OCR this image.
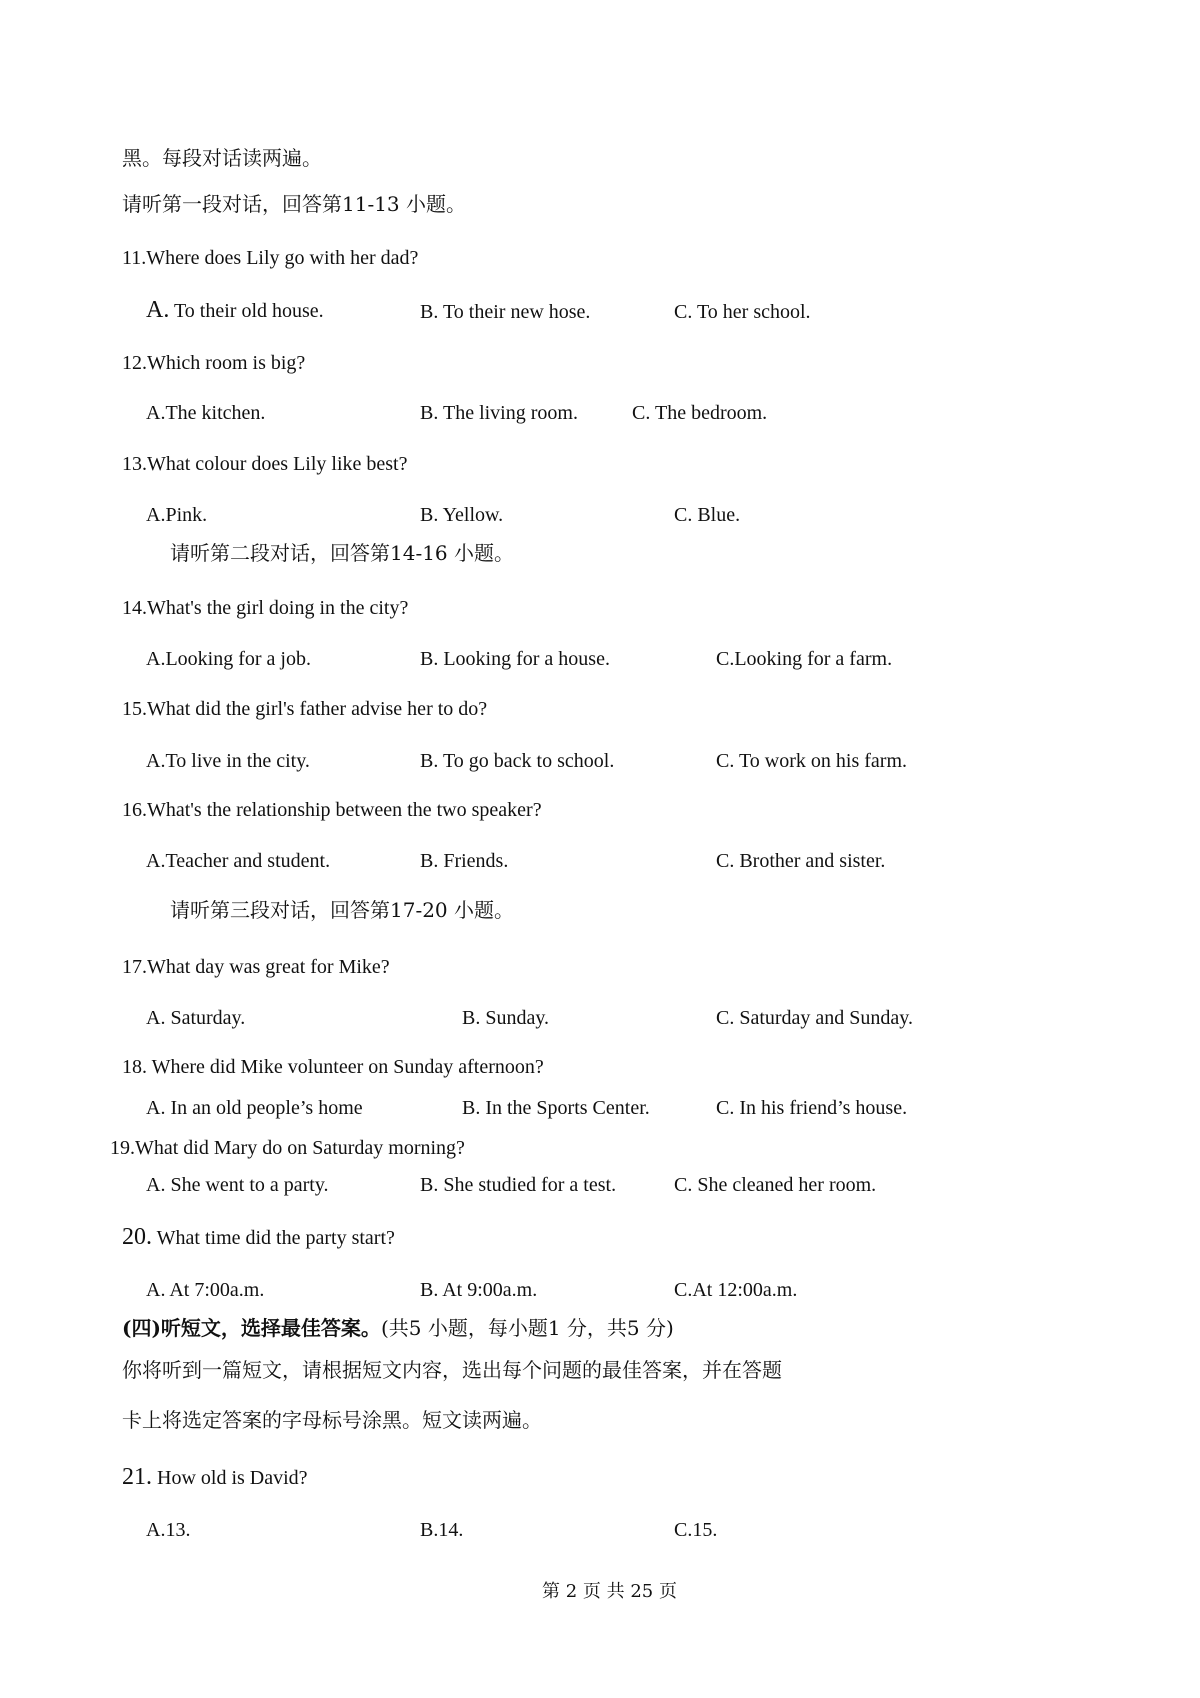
黑。每段对话读两遍。
请听第一段对话，回答第11-13 小题。
11.Where does Lily go with her dad?
A. To their old house.	B. To their new hose.	C. To her school.
12.Which room is big?
A.The kitchen.	B. The living room.	C. The bedroom.
13.What colour does Lily like best?
A.Pink.	B. Yellow.	C. Blue.
请听第二段对话，回答第14-16 小题。
14.What's the girl doing in the city?
A.Looking for a job.	B. Looking for a house.	C.Looking for a farm.
15.What did the girl's father advise her to do?
A.To live in the city.	B. To go back to school.	C. To work on his farm.
16.What's the relationship between the two speaker?
A.Teacher and student.	B. Friends.	C. Brother and sister.
请听第三段对话，回答第17-20 小题。
17.What day was great for Mike?
A. Saturday.	B. Sunday.	C. Saturday and Sunday.
18. Where did Mike volunteer on Sunday afternoon?
A. In an old people’s home	B. In the Sports Center.	C. In his friend’s house.
19.What did Mary do on Saturday morning?
A. She went to a party.	B. She studied for a test.	C. She cleaned her room.
20. What time did the party start?
A. At 7:00a.m.	B. At 9:00a.m.	C.At 12:00a.m.
(四)听短文，选择最佳答案。(共5 小题，每小题1 分，共5 分)
你将听到一篇短文，请根据短文内容，选出每个问题的最佳答案，并在答题
卡上将选定答案的字母标号涂黑。短文读两遍。
21. How old is David?
A.13.	B.14.	C.15.
第 2 页 共 25 页
